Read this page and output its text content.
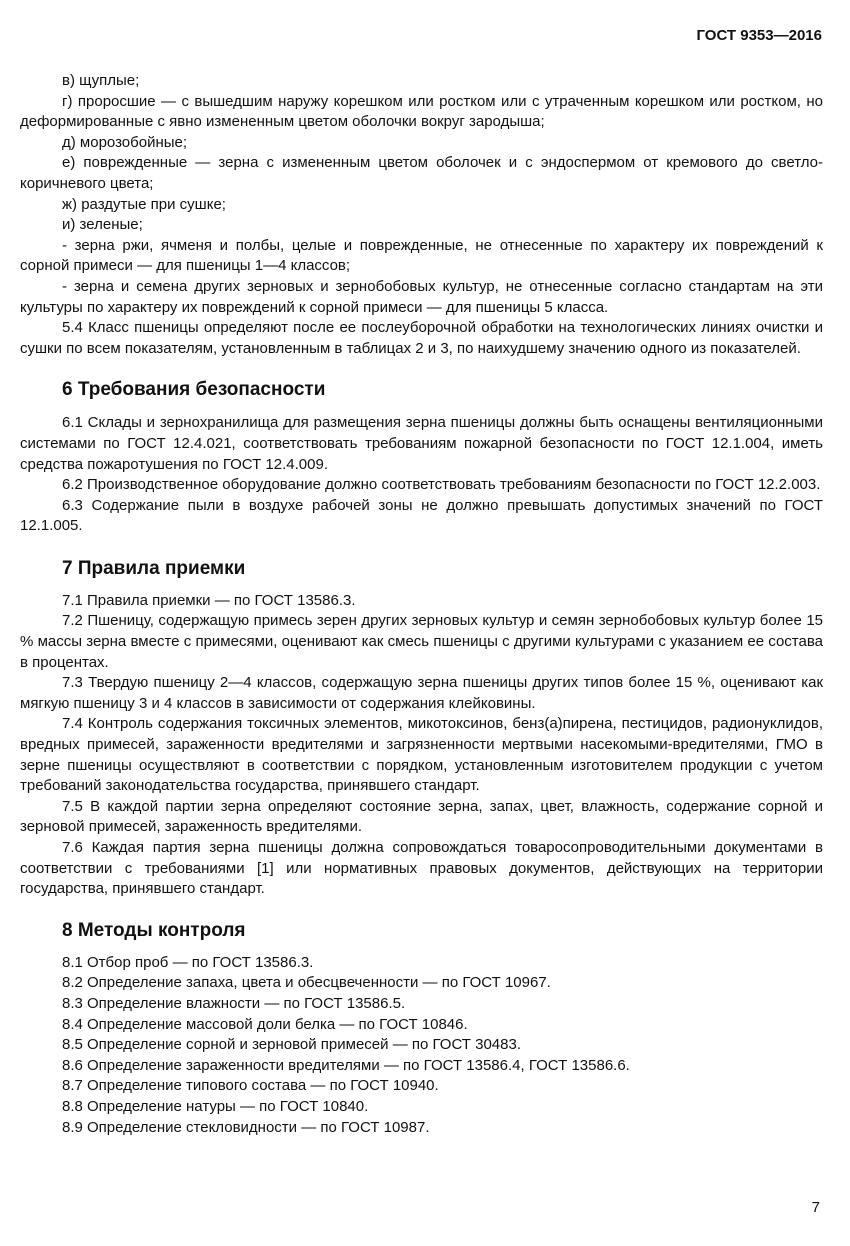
ГОСТ 9353—2016

в) щуплые;

г) проросшие — с вышедшим наружу корешком или ростком или с утраченным корешком или ростком, но деформированные с явно измененным цветом оболочки вокруг зародыша;

д) морозобойные;

е) поврежденные — зерна с измененным цветом оболочек и с эндоспермом от кремового до светло-коричневого цвета;

ж) раздутые при сушке;

и) зеленые;

- зерна ржи, ячменя и полбы, целые и поврежденные, не отнесенные по характеру их повреждений к сорной примеси — для пшеницы 1—4 классов;

- зерна и семена других зерновых и зернобобовых культур, не отнесенные согласно стандартам на эти культуры по характеру их повреждений к сорной примеси — для пшеницы 5 класса.

5.4 Класс пшеницы определяют после ее послеуборочной обработки на технологических линиях очистки и сушки по всем показателям, установленным в таблицах 2 и 3, по наихудшему значению одного из показателей.

6 Требования безопасности

6.1 Склады и зернохранилища для размещения зерна пшеницы должны быть оснащены вентиляционными системами по ГОСТ 12.4.021, соответствовать требованиям пожарной безопасности по ГОСТ 12.1.004, иметь средства пожаротушения по ГОСТ 12.4.009.

6.2 Производственное оборудование должно соответствовать требованиям безопасности по ГОСТ 12.2.003.

6.3 Содержание пыли в воздухе рабочей зоны не должно превышать допустимых значений по ГОСТ 12.1.005.

7 Правила приемки

7.1 Правила приемки — по ГОСТ 13586.3.

7.2 Пшеницу, содержащую примесь зерен других зерновых культур и семян зернобобовых культур более 15 % массы зерна вместе с примесями, оценивают как смесь пшеницы с другими культурами с указанием ее состава в процентах.

7.3 Твердую пшеницу 2—4 классов, содержащую зерна пшеницы других типов более 15 %, оценивают как мягкую пшеницу 3 и 4 классов в зависимости от содержания клейковины.

7.4 Контроль содержания токсичных элементов, микотоксинов, бенз(а)пирена, пестицидов, радионуклидов, вредных примесей, зараженности вредителями и загрязненности мертвыми насекомыми-вредителями, ГМО в зерне пшеницы осуществляют в соответствии с порядком, установленным изготовителем продукции с учетом требований законодательства государства, принявшего стандарт.

7.5 В каждой партии зерна определяют состояние зерна, запах, цвет, влажность, содержание сорной и зерновой примесей, зараженность вредителями.

7.6 Каждая партия зерна пшеницы должна сопровождаться товаросопроводительными документами в соответствии с требованиями [1] или нормативных правовых документов, действующих на территории государства, принявшего стандарт.

8 Методы контроля

8.1 Отбор проб — по ГОСТ 13586.3.

8.2 Определение запаха, цвета и обесцвеченности — по ГОСТ 10967.

8.3 Определение влажности — по ГОСТ 13586.5.

8.4 Определение массовой доли белка — по ГОСТ 10846.

8.5 Определение сорной и зерновой примесей — по ГОСТ 30483.

8.6 Определение зараженности вредителями — по ГОСТ 13586.4, ГОСТ 13586.6.

8.7 Определение типового состава — по ГОСТ 10940.

8.8 Определение натуры — по ГОСТ 10840.

8.9 Определение стекловидности — по ГОСТ 10987.

7
